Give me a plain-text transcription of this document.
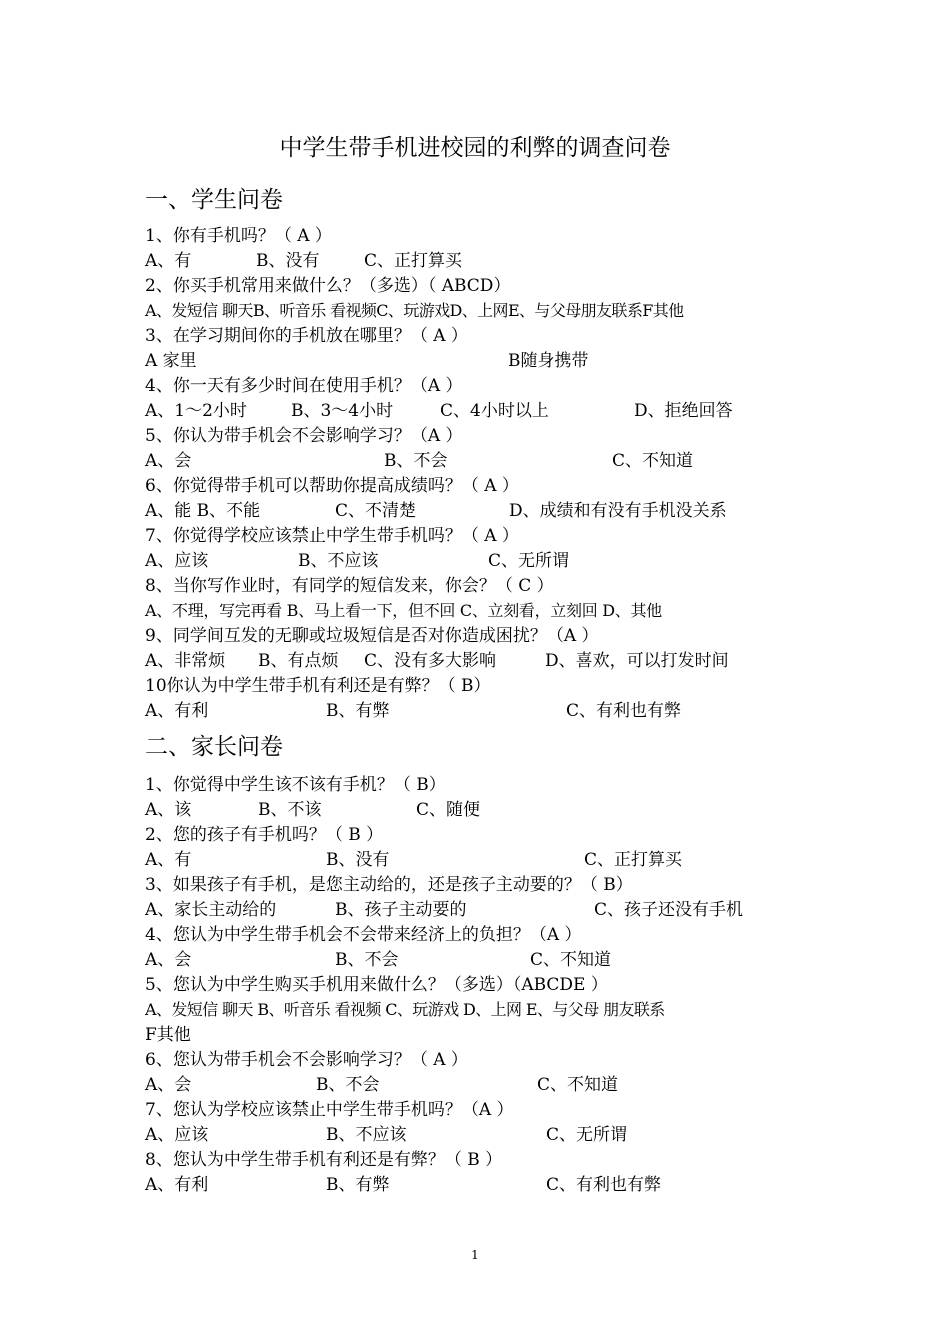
中学生带手机进校园的利弊的调查问卷
一、学生问卷
1、你有手机吗？（ A ）
A、有	B、没有	C、正打算买
2、你买手机常用来做什么？（多选）（ ABCD）
A、发短信 聊天B、听音乐 看视频C、玩游戏D、上网E、与父母朋友联系F其他
3、在学习期间你的手机放在哪里？（ A ）
A 家里	B随身携带
4、你一天有多少时间在使用手机？（A ）
A、1～2小时	B、3～4小时	C、4小时以上	D、拒绝回答
5、你认为带手机会不会影响学习？（A ）
A、会	B、不会	C、不知道
6、你觉得带手机可以帮助你提高成绩吗？（ A ）
A、能 B、不能	C、不清楚	D、成绩和有没有手机没关系
7、你觉得学校应该禁止中学生带手机吗？（ A ）
A、应该	B、不应该	C、无所谓
8、当你写作业时，有同学的短信发来，你会？（ C ）
A、不理，写完再看 B、马上看一下，但不回 C、立刻看，立刻回 D、其他
9、同学间互发的无聊或垃圾短信是否对你造成困扰？（A ）
A、非常烦 B、有点烦 C、没有多大影响	D、喜欢，可以打发时间
10你认为中学生带手机有利还是有弊？（ B）
A、有利	B、有弊	C、有利也有弊
二、家长问卷
1、你觉得中学生该不该有手机？（ B）
A、该	B、不该	C、随便
2、您的孩子有手机吗？（ B ）
A、有	B、没有	C、正打算买
3、如果孩子有手机，是您主动给的，还是孩子主动要的？（ B）
A、家长主动给的	B、孩子主动要的	C、孩子还没有手机
4、您认为中学生带手机会不会带来经济上的负担？（A ）
A、会	B、不会	C、不知道
5、您认为中学生购买手机用来做什么？（多选）（ABCDE ）
A、发短信 聊天 B、听音乐 看视频 C、玩游戏 D、上网 E、与父母 朋友联系
F其他
6、您认为带手机会不会影响学习？（ A ）
A、会	B、不会	C、不知道
7、您认为学校应该禁止中学生带手机吗？（A ）
A、应该	B、不应该	C、无所谓
8、您认为中学生带手机有利还是有弊？（ B ）
A、有利	B、有弊	C、有利也有弊
1
